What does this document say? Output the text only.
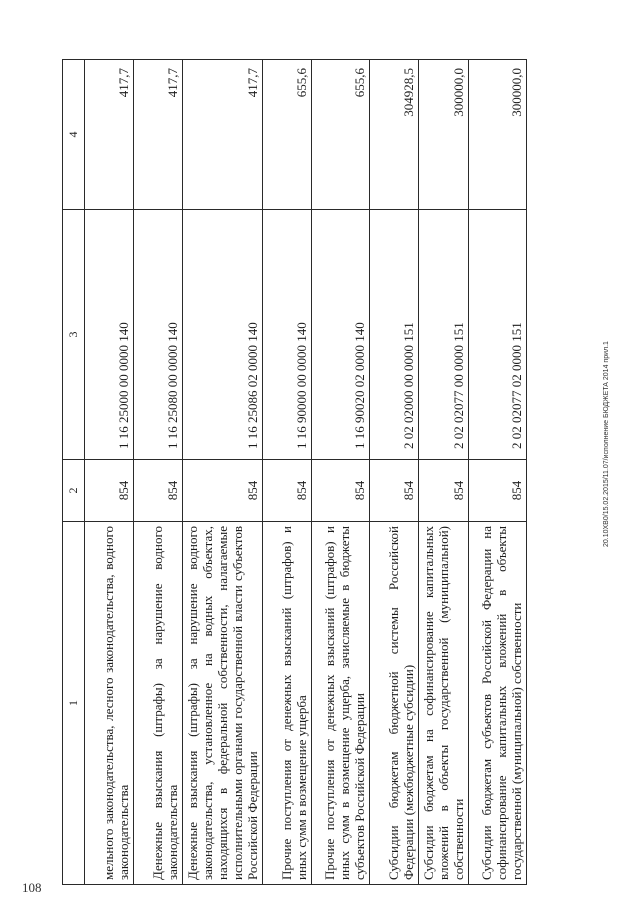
1	2	3	4
мельного законодательства, лесного законодательства, водного законодательства	854	1 16 25000 00 0000 140	417,7
Денежные взыскания (штрафы) за нарушение водного законодательства	854	1 16 25080 00 0000 140	417,7
Денежные взыскания (штрафы) за нарушение водного законодательства, установленное на водных объектах, находящихся в федеральной собственности, налагаемые исполнительными органами государственной власти субъектов Российской Федерации	854	1 16 25086 02 0000 140	417,7
Прочие поступления от денежных взысканий (штрафов) и иных сумм в возмещение ущерба	854	1 16 90000 00 0000 140	655,6
Прочие поступления от денежных взысканий (штрафов) и иных сумм в возмещение ущерба, зачисляемые в бюджеты субъектов Российской Федерации	854	1 16 90020 02 0000 140	655,6
Субсидии бюджетам бюджетной системы Российской Федерации (межбюджетные субсидии)	854	2 02 02000 00 0000 151	304928,5
Субсидии бюджетам на софинансирование капитальных вложений в объекты государственной (муниципальной) собственности	854	2 02 02077 00 0000 151	300000,0
Субсидии бюджетам субъектов Российской Федерации на софинансирование капитальных вложений в объекты государственной (муниципальной) собственности	854	2 02 02077 02 0000 151	300000,0
20.10XB0/15.02.2015/11.07/исполнение БЮДЖЕТА 2014 прил.1
108
